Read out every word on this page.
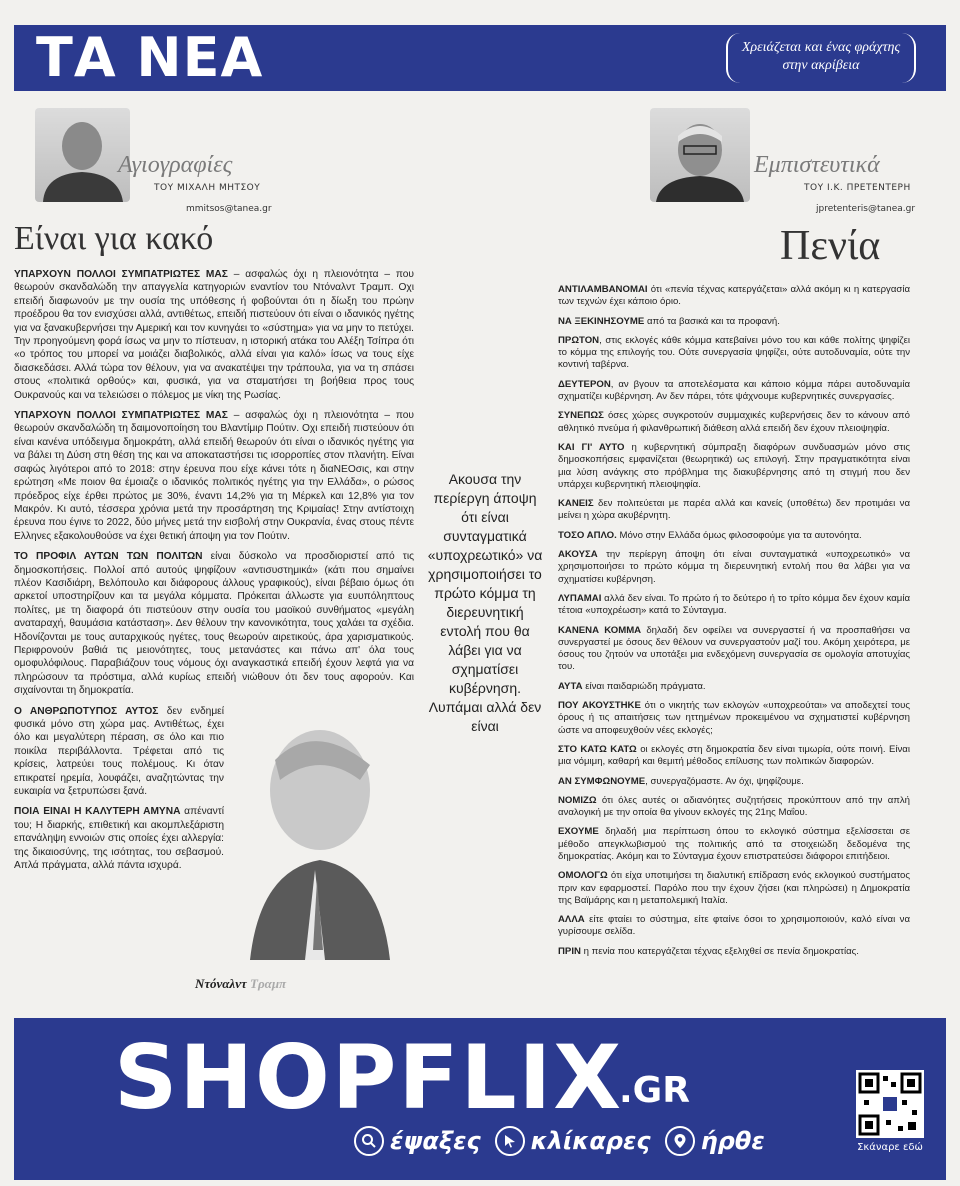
ΤΑ ΝΕΑ	Χρειάζεται και ένας φράχτης
στην ακρίβεια
Αγιογραφίες
ΤΟΥ ΜΙΧΑΛΗ ΜΗΤΣΟΥ
mmitsos@tanea.gr
Είναι για κακό

ΥΠΑΡΧΟΥΝ ΠΟΛΛΟΙ ΣΥΜΠΑΤΡΙΩΤΕΣ ΜΑΣ – ασφαλώς όχι η πλειονότητα – που θεωρούν σκανδαλώδη την απαγγελία κατηγοριών εναντίον του Ντόναλντ Τραμπ. Οχι επειδή διαφωνούν με την ουσία της υπόθεσης ή φοβούνται ότι η δίωξη του πρώην προέδρου θα τον ενισχύσει αλλά, αντιθέτως, επειδή πιστεύουν ότι είναι ο ιδανικός ηγέτης για να ξανακυβερνήσει την Αμερική και τον κυνηγάει το «σύστημα» για να μην το πετύχει. Την προηγούμενη φορά ίσως να μην το πίστευαν, η ιστορική ατάκα του Αλέξη Τσίπρα ότι «ο τρόπος του μπορεί να μοιάζει διαβολικός, αλλά είναι για καλό» ίσως να τους είχε διασκεδάσει. Αλλά τώρα τον θέλουν, για να ανακατέψει την τράπουλα, για να τη σπάσει στους «πολιτικά ορθούς» και, φυσικά, για να σταματήσει τη βοήθεια προς τους Ουκρανούς και να τελειώσει ο πόλεμος με νίκη της Ρωσίας.

ΥΠΑΡΧΟΥΝ ΠΟΛΛΟΙ ΣΥΜΠΑΤΡΙΩΤΕΣ ΜΑΣ – ασφαλώς όχι η πλειονότητα – που θεωρούν σκανδαλώδη τη δαιμονοποίηση του Βλαντίμιρ Πούτιν. Οχι επειδή πιστεύουν ότι είναι κανένα υπόδειγμα δημοκράτη, αλλά επειδή θεωρούν ότι είναι ο ιδανικός ηγέτης για να βάλει τη Δύση στη θέση της και να αποκαταστήσει τις ισορροπίες στον πλανήτη. Είναι σαφώς λιγότεροι από το 2018: στην έρευνα που είχε κάνει τότε η διαΝΕΟσις, και στην ερώτηση «Με ποιον θα έμοιαζε ο ιδανικός πολιτικός ηγέτης για την Ελλάδα», ο ρώσος πρόεδρος είχε έρθει πρώτος με 30%, έναντι 14,2% για τη Μέρκελ και 12,8% για τον Μακρόν. Κι αυτό, τέσσερα χρόνια μετά την προσάρτηση της Κριμαίας! Στην αντίστοιχη έρευνα που έγινε το 2022, δύο μήνες μετά την εισβολή στην Ουκρανία, ένας στους πέντε Ελληνες εξακολουθούσε να έχει θετική άποψη για τον Πούτιν.

ΤΟ ΠΡΟΦΙΛ ΑΥΤΩΝ ΤΩΝ ΠΟΛΙΤΩΝ είναι δύσκολο να προσδιοριστεί από τις δημοσκοπήσεις. Πολλοί από αυτούς ψηφίζουν «αντισυστημικά» (κάτι που σημαίνει πλέον Κασιδιάρη, Βελόπουλο και διάφορους άλλους γραφικούς), είναι βέβαιο όμως ότι αρκετοί υποστηρίζουν και τα μεγάλα κόμματα. Πρόκειται άλλωστε για ευυπόληπτους πολίτες, με τη διαφορά ότι πιστεύουν στην ουσία του μαοϊκού συνθήματος «μεγάλη αναταραχή, θαυμάσια κατάσταση». Δεν θέλουν την κανονικότητα, τους χαλάει τα σχέδια. Ηδονίζονται με τους αυταρχικούς ηγέτες, τους θεωρούν αιρετικούς, άρα χαρισματικούς. Περιφρονούν βαθιά τις μειονότητες, τους μετανάστες και πάνω απ' όλα τους ομοφυλόφιλους. Παραβιάζουν τους νόμους όχι αναγκαστικά επειδή έχουν λεφτά για να πληρώσουν τα πρόστιμα, αλλά κυρίως επειδή νιώθουν ότι δεν τους αφορούν. Και σιχαίνονται τη δημοκρατία.

Ο ΑΝΘΡΩΠΟΤΥΠΟΣ ΑΥΤΟΣ δεν ενδημεί φυσικά μόνο στη χώρα μας. Αντιθέτως, έχει όλο και μεγαλύτερη πέραση, σε όλο και πιο ποικίλα περιβάλλοντα. Τρέφεται από τις κρίσεις, λατρεύει τους πολέμους. Κι όταν επικρατεί ηρεμία, λουφάζει, αναζητώντας την ευκαιρία να ξετρυπώσει ξανά.

ΠΟΙΑ ΕΙΝΑΙ Η ΚΑΛΥΤΕΡΗ ΑΜΥΝΑ απέναντί του; Η διαρκής, επιθετική και ακομπλεξάριστη επανάληψη εννοιών στις οποίες έχει αλλεργία: της δικαιοσύνης, της ισότητας, του σεβασμού. Απλά πράγματα, αλλά πάντα ισχυρά.

Ντόναλντ Τραμπ
Ακουσα την περίεργη άποψη ότι είναι συνταγματικά «υποχρεωτικό» να χρησιμοποιήσει το πρώτο κόμμα τη διερευνητική εντολή που θα λάβει για να σχηματίσει κυβέρνηση. Λυπάμαι αλλά δεν είναι
Εμπιστευτικά
ΤΟΥ Ι.Κ. ΠΡΕΤΕΝΤΕΡΗ
jpretenteris@tanea.gr
Πενία

ΑΝΤΙΛΑΜΒΑΝΟΜΑΙ ότι «πενία τέχνας κατεργάζεται» αλλά ακόμη κι η κατεργασία των τεχνών έχει κάποιο όριο.

ΝΑ ΞΕΚΙΝΗΣΟΥΜΕ από τα βασικά και τα προφανή.

ΠΡΩΤΟΝ, στις εκλογές κάθε κόμμα κατεβαίνει μόνο του και κάθε πολίτης ψηφίζει το κόμμα της επιλογής του. Ούτε συνεργασία ψηφίζει, ούτε αυτοδυναμία, ούτε την κοντινή ταβέρνα.

ΔΕΥΤΕΡΟΝ, αν βγουν τα αποτελέσματα και κάποιο κόμμα πάρει αυτοδυναμία σχηματίζει κυβέρνηση. Αν δεν πάρει, τότε ψάχνουμε κυβερνητικές συνεργασίες.

ΣΥΝΕΠΩΣ όσες χώρες συγκροτούν συμμαχικές κυβερνήσεις δεν το κάνουν από αθλητικό πνεύμα ή φιλανθρωπική διάθεση αλλά επειδή δεν έχουν πλειοψηφία.

ΚΑΙ ΓΙ' ΑΥΤΟ η κυβερνητική σύμπραξη διαφόρων συνδυασμών μόνο στις δημοσκοπήσεις εμφανίζεται (θεωρητικά) ως επιλογή. Στην πραγματικότητα είναι μια λύση ανάγκης στο πρόβλημα της διακυβέρνησης από τη στιγμή που δεν υπάρχει κυβερνητική πλειοψηφία.

ΚΑΝΕΙΣ δεν πολιτεύεται με παρέα αλλά και κανείς (υποθέτω) δεν προτιμάει να μείνει η χώρα ακυβέρνητη.

ΤΟΣΟ ΑΠΛΟ. Μόνο στην Ελλάδα όμως φιλοσοφούμε για τα αυτονόητα.

ΑΚΟΥΣΑ την περίεργη άποψη ότι είναι συνταγματικά «υποχρεωτικό» να χρησιμοποιήσει το πρώτο κόμμα τη διερευνητική εντολή που θα λάβει για να σχηματίσει κυβέρνηση.

ΛΥΠΑΜΑΙ αλλά δεν είναι. Το πρώτο ή το δεύτερο ή το τρίτο κόμμα δεν έχουν καμία τέτοια «υποχρέωση» κατά το Σύνταγμα.

ΚΑΝΕΝΑ ΚΟΜΜΑ δηλαδή δεν οφείλει να συνεργαστεί ή να προσπαθήσει να συνεργαστεί με όσους δεν θέλουν να συνεργαστούν μαζί του. Ακόμη χειρότερα, με όσους του ζητούν να υποτάξει μια ενδεχόμενη συνεργασία σε ομολογία αποτυχίας του.

ΑΥΤΑ είναι παιδαριώδη πράγματα.

ΠΟΥ ΑΚΟΥΣΤΗΚΕ ότι ο νικητής των εκλογών «υποχρεούται» να αποδεχτεί τους όρους ή τις απαιτήσεις των ηττημένων προκειμένου να σχηματιστεί κυβέρνηση ώστε να αποφευχθούν νέες εκλογές;

ΣΤΟ ΚΑΤΩ ΚΑΤΩ οι εκλογές στη δημοκρατία δεν είναι τιμωρία, ούτε ποινή. Είναι μια νόμιμη, καθαρή και θεμιτή μέθοδος επίλυσης των πολιτικών διαφορών.

ΑΝ ΣΥΜΦΩΝΟΥΜΕ, συνεργαζόμαστε. Αν όχι, ψηφίζουμε.

ΝΟΜΙΖΩ ότι όλες αυτές οι αδιανόητες συζητήσεις προκύπτουν από την απλή αναλογική με την οποία θα γίνουν εκλογές της 21ης Μαΐου.

ΕΧΟΥΜΕ δηλαδή μια περίπτωση όπου το εκλογικό σύστημα εξελίσσεται σε μέθοδο απεγκλωβισμού της πολιτικής από τα στοιχειώδη δεδομένα της δημοκρατίας. Ακόμη και το Σύνταγμα έχουν επιστρατεύσει διάφοροι επιτήδειοι.

ΟΜΟΛΟΓΩ ότι είχα υποτιμήσει τη διαλυτική επίδραση ενός εκλογικού συστήματος πριν καν εφαρμοστεί. Παρόλο που την έχουν ζήσει (και πληρώσει) η Δημοκρατία της Βαϊμάρης και η μεταπολεμική Ιταλία.

ΑΛΛΑ είτε φταίει το σύστημα, είτε φταίνε όσοι το χρησιμοποιούν, καλό είναι να γυρίσουμε σελίδα.

ΠΡΙΝ η πενία που κατεργάζεται τέχνας εξελιχθεί σε πενία δημοκρατίας.

SHOPFLIX
.GR
έψαξες κλίκαρες ήρθε	Σκάναρε εδώ
